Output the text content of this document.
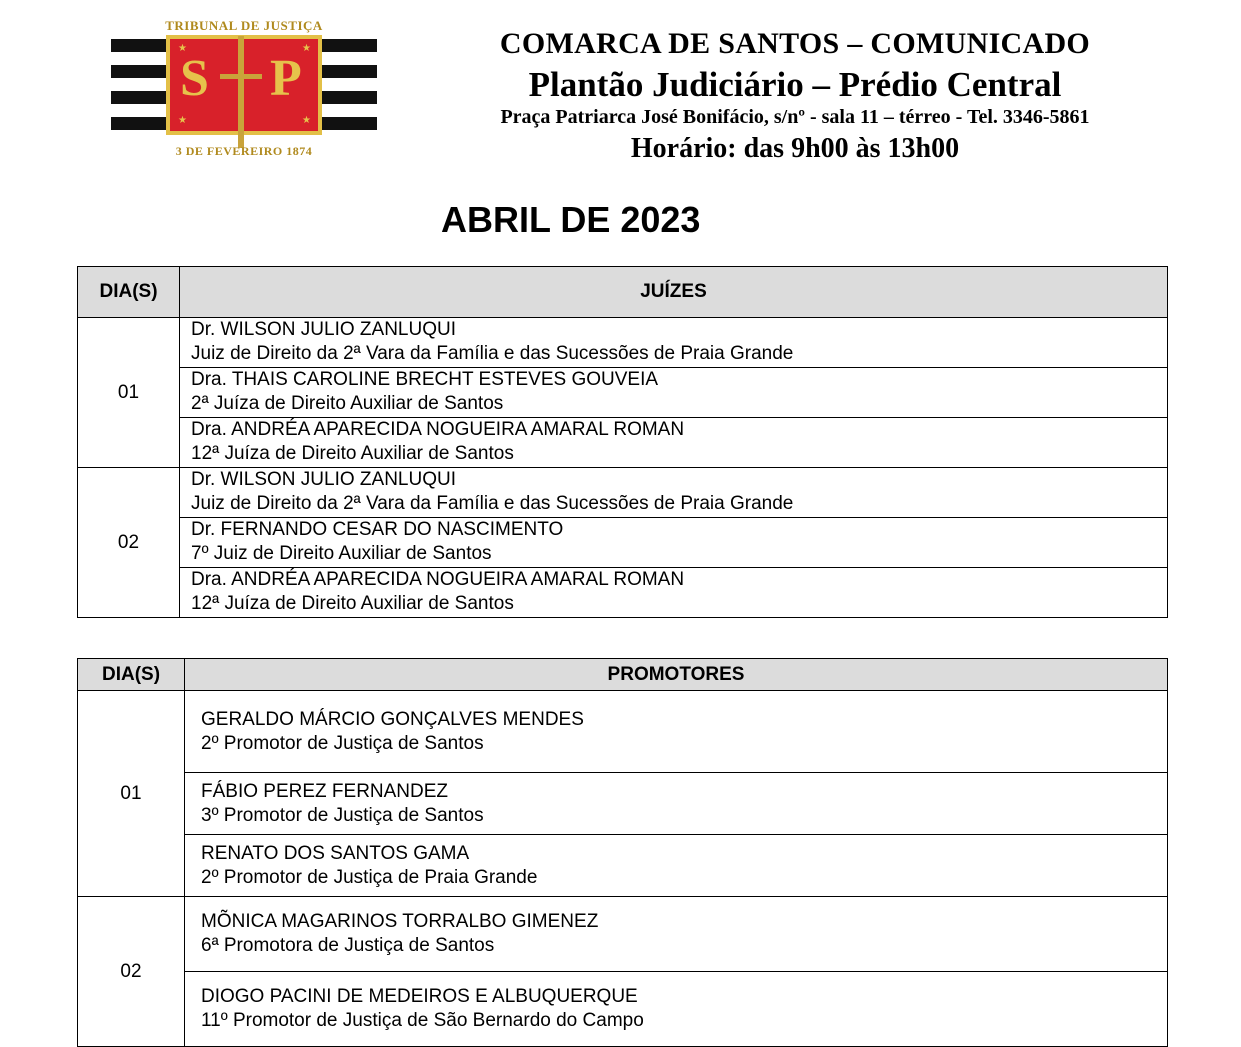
TRIBUNAL DE JUSTIÇA
S P
★	★
★	★
3 DE FEVEREIRO 1874
COMARCA DE SANTOS – COMUNICADO
Plantão Judiciário – Prédio Central
Praça Patriarca José Bonifácio, s/nº - sala 11 – térreo - Tel. 3346-5861
Horário: das 9h00 às 13h00
ABRIL DE 2023
DIA(S)	JUÍZES
01	Dr. WILSON JULIO ZANLUQUI
Juiz de Direito da 2ª Vara da Família e das Sucessões de Praia Grande

	Dra. THAIS CAROLINE BRECHT ESTEVES GOUVEIA
2ª Juíza de Direito Auxiliar de Santos

	Dra. ANDRÉA APARECIDA NOGUEIRA AMARAL ROMAN
12ª Juíza de Direito Auxiliar de Santos

02	Dr. WILSON JULIO ZANLUQUI
Juiz de Direito da 2ª Vara da Família e das Sucessões de Praia Grande

	Dr. FERNANDO CESAR DO NASCIMENTO
7º Juiz de Direito Auxiliar de Santos

	Dra. ANDRÉA APARECIDA NOGUEIRA AMARAL ROMAN
12ª Juíza de Direito Auxiliar de Santos
DIA(S)	PROMOTORES
01	GERALDO MÁRCIO GONÇALVES MENDES
2º Promotor de Justiça de Santos

	FÁBIO PEREZ FERNANDEZ
3º Promotor de Justiça de Santos

	RENATO DOS SANTOS GAMA
2º Promotor de Justiça de Praia Grande

02	MÕNICA MAGARINOS TORRALBO GIMENEZ
6ª Promotora de Justiça de Santos

	DIOGO PACINI DE MEDEIROS E ALBUQUERQUE
11º Promotor de Justiça de São Bernardo do Campo
